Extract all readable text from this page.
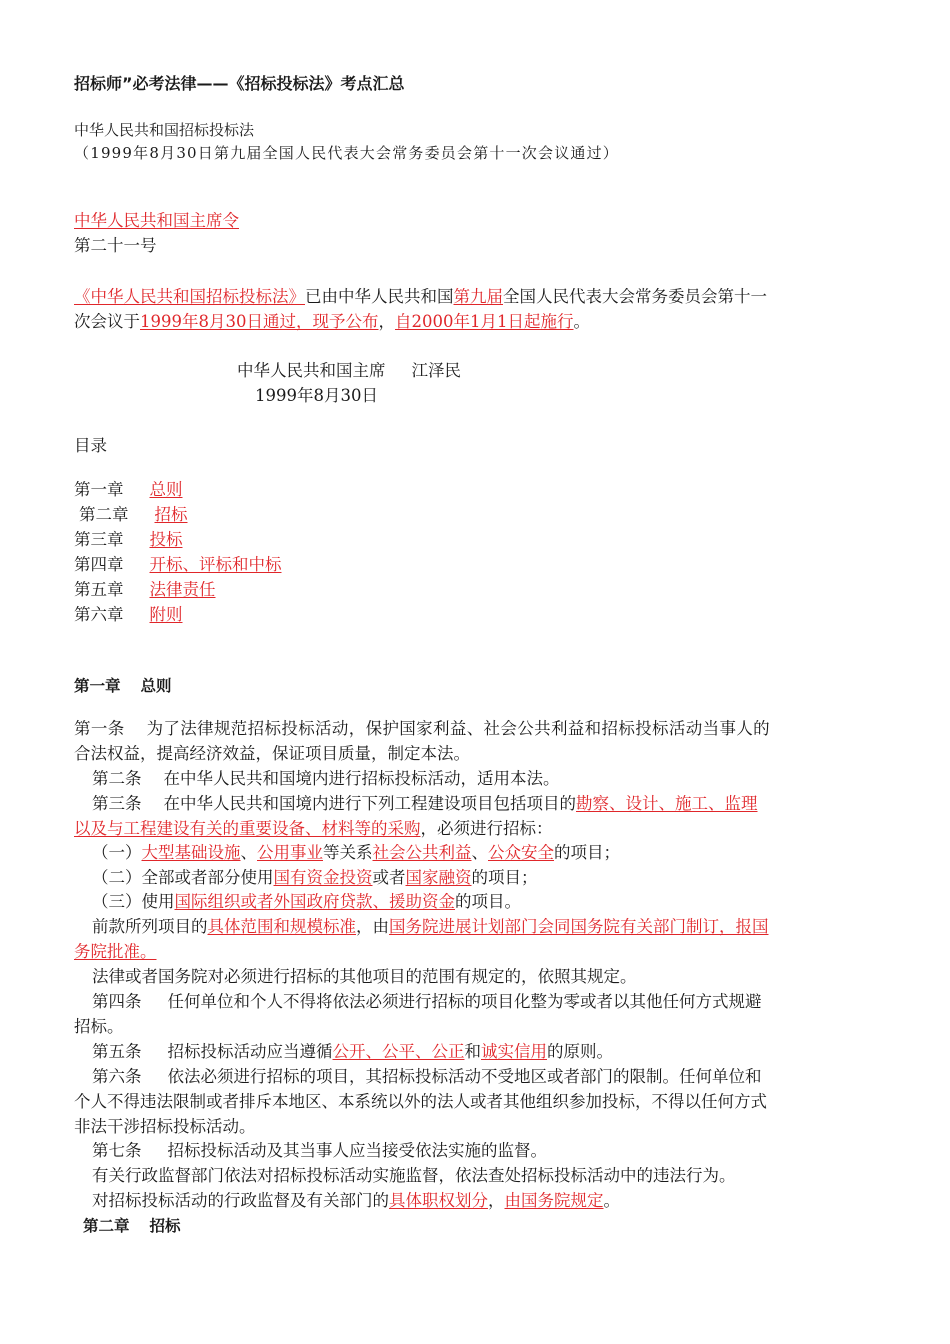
招标师”必考法律——《招标投标法》考点汇总
中华人民共和国招标投标法
（1999年8月30日第九届全国人民代表大会常务委员会第十一次会议通过）
中华人民共和国主席令
第二十一号
《中华人民共和国招标投标法》已由中华人民共和国第九届全国人民代表大会常务委员会第十一
次会议于1999年8月30日通过，现予公布，自2000年1月1日起施行。
中华人民共和国主席 江泽民
1999年8月30日
目录
第一章 总则
第二章 招标
第三章 投标
第四章 开标、评标和中标
第五章 法律责任
第六章 附则
第一章 总则
第一条 为了法律规范招标投标活动，保护国家利益、社会公共利益和招标投标活动当事人的
合法权益，提高经济效益，保证项目质量，制定本法。
第二条 在中华人民共和国境内进行招标投标活动，适用本法。
第三条 在中华人民共和国境内进行下列工程建设项目包括项目的勘察、设计、施工、监理
以及与工程建设有关的重要设备、材料等的采购，必须进行招标：
（一）大型基础设施、公用事业等关系社会公共利益、公众安全的项目；
（二）全部或者部分使用国有资金投资或者国家融资的项目；
（三）使用国际组织或者外国政府贷款、援助资金的项目。
前款所列项目的具体范围和规模标准，由国务院进展计划部门会同国务院有关部门制订，报国
务院批准。
法律或者国务院对必须进行招标的其他项目的范围有规定的，依照其规定。
第四条 任何单位和个人不得将依法必须进行招标的项目化整为零或者以其他任何方式规避
招标。
第五条 招标投标活动应当遵循公开、公平、公正和诚实信用的原则。
第六条 依法必须进行招标的项目，其招标投标活动不受地区或者部门的限制。任何单位和
个人不得违法限制或者排斥本地区、本系统以外的法人或者其他组织参加投标，不得以任何方式
非法干涉招标投标活动。
第七条 招标投标活动及其当事人应当接受依法实施的监督。
有关行政监督部门依法对招标投标活动实施监督，依法查处招标投标活动中的违法行为。
对招标投标活动的行政监督及有关部门的具体职权划分，由国务院规定。
第二章 招标
